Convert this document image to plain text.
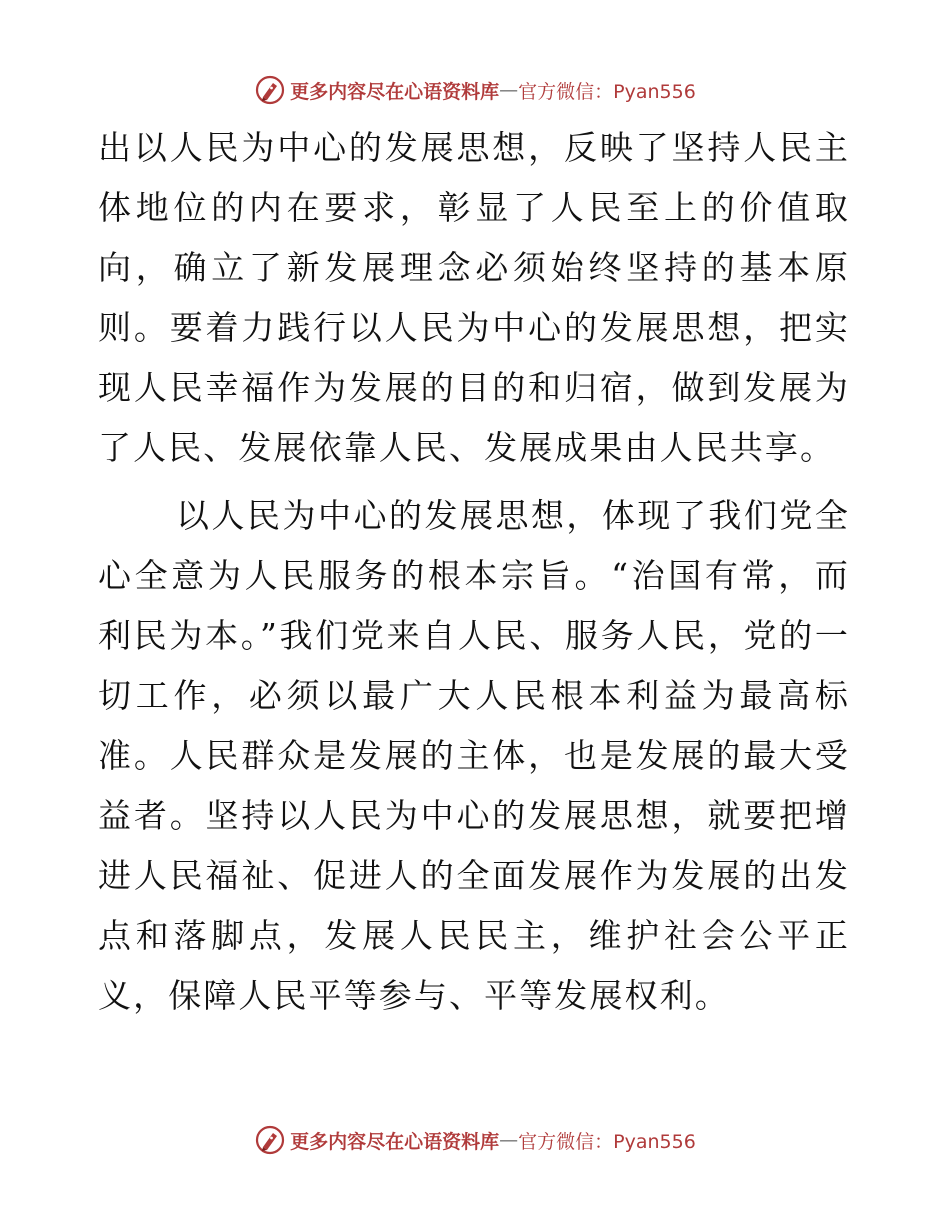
更多内容尽在心语资料库 — 官方微信：Pyan556

出以人民为中心的发展思想，反映了坚持人民主体地位的内在要求，彰显了人民至上的价值取向，确立了新发展理念必须始终坚持的基本原则。要着力践行以人民为中心的发展思想，把实现人民幸福作为发展的目的和归宿，做到发展为了人民、发展依靠人民、发展成果由人民共享。

以人民为中心的发展思想，体现了我们党全心全意为人民服务的根本宗旨。“治国有常，而利民为本。”我们党来自人民、服务人民，党的一切工作，必须以最广大人民根本利益为最高标准。人民群众是发展的主体，也是发展的最大受益者。坚持以人民为中心的发展思想，就要把增进人民福祉、促进人的全面发展作为发展的出发点和落脚点，发展人民民主，维护社会公平正义，保障人民平等参与、平等发展权利。

更多内容尽在心语资料库 — 官方微信：Pyan556
